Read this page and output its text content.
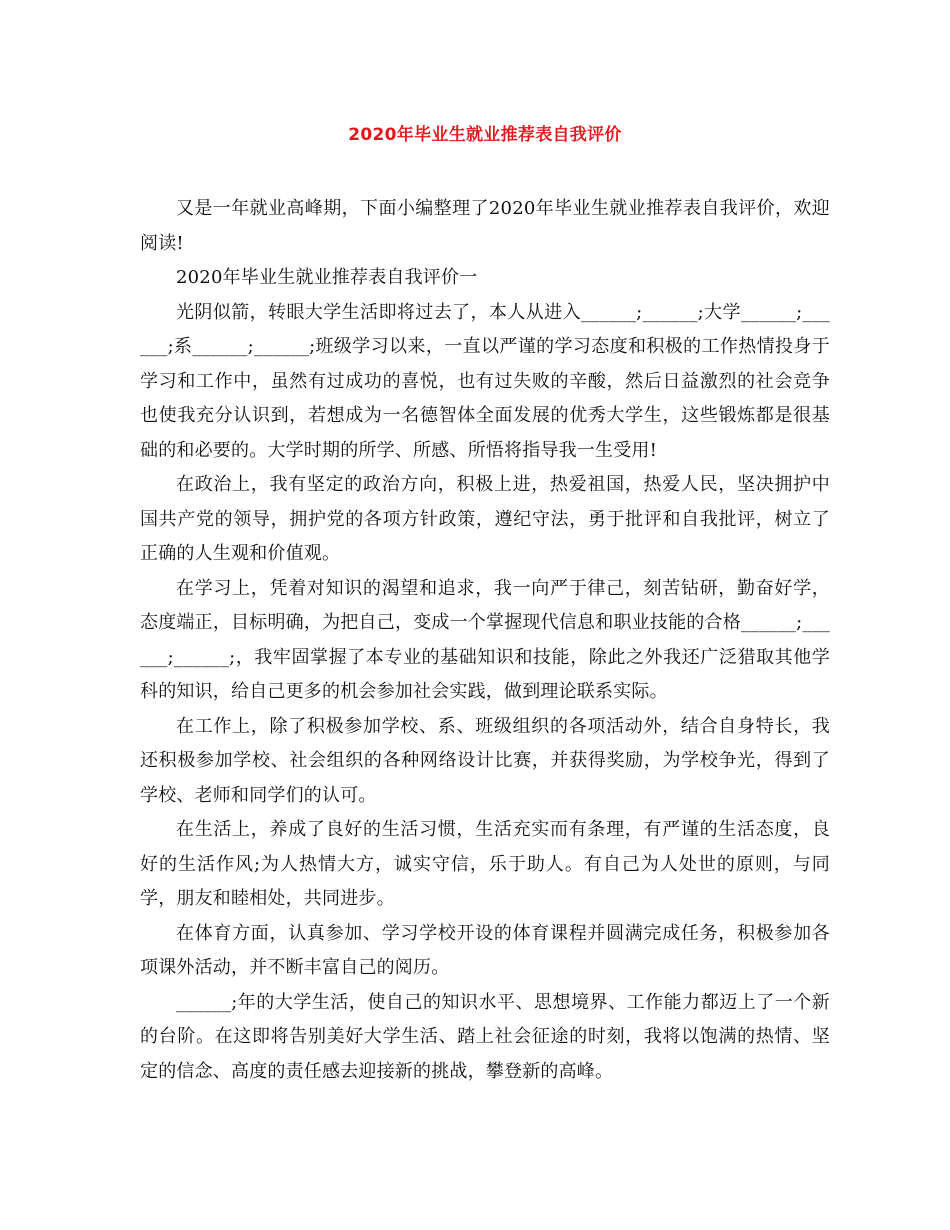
2020年毕业生就业推荐表自我评价

又是一年就业高峰期，下面小编整理了2020年毕业生就业推荐表自我评价，欢迎阅读!

2020年毕业生就业推荐表自我评价一

光阴似箭，转眼大学生活即将过去了，本人从进入______;______;大学______;______;系______;______;班级学习以来，一直以严谨的学习态度和积极的工作热情投身于学习和工作中，虽然有过成功的喜悦，也有过失败的辛酸，然后日益激烈的社会竞争也使我充分认识到，若想成为一名德智体全面发展的优秀大学生，这些锻炼都是很基础的和必要的。大学时期的所学、所感、所悟将指导我一生受用!

在政治上，我有坚定的政治方向，积极上进，热爱祖国，热爱人民，坚决拥护中国共产党的领导，拥护党的各项方针政策，遵纪守法，勇于批评和自我批评，树立了正确的人生观和价值观。

在学习上，凭着对知识的渴望和追求，我一向严于律己，刻苦钻研，勤奋好学，态度端正，目标明确，为把自己，变成一个掌握现代信息和职业技能的合格______;______;______;，我牢固掌握了本专业的基础知识和技能，除此之外我还广泛猎取其他学科的知识，给自己更多的机会参加社会实践，做到理论联系实际。

在工作上，除了积极参加学校、系、班级组织的各项活动外，结合自身特长，我还积极参加学校、社会组织的各种网络设计比赛，并获得奖励，为学校争光，得到了学校、老师和同学们的认可。

在生活上，养成了良好的生活习惯，生活充实而有条理，有严谨的生活态度，良好的生活作风;为人热情大方，诚实守信，乐于助人。有自己为人处世的原则，与同学，朋友和睦相处，共同进步。

在体育方面，认真参加、学习学校开设的体育课程并圆满完成任务，积极参加各项课外活动，并不断丰富自己的阅历。

______;年的大学生活，使自己的知识水平、思想境界、工作能力都迈上了一个新的台阶。在这即将告别美好大学生活、踏上社会征途的时刻，我将以饱满的热情、坚定的信念、高度的责任感去迎接新的挑战，攀登新的高峰。
